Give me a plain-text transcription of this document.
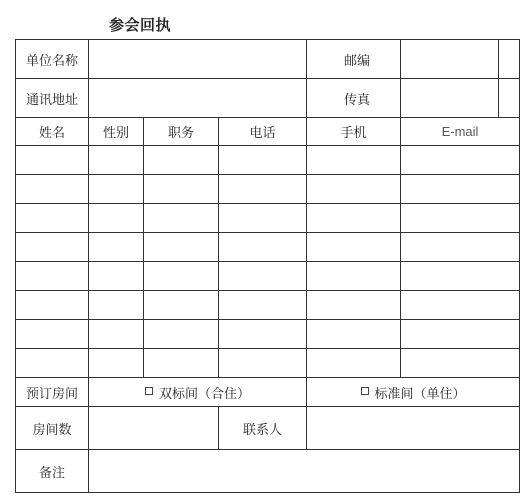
参会回执
单位名称				邮编		
通讯地址				传真		
姓名	性别	职务	电话	手机	E-mail	

预订房间	双标间（合住）			标准间（单住）		

房间数			联系人			
备注						
